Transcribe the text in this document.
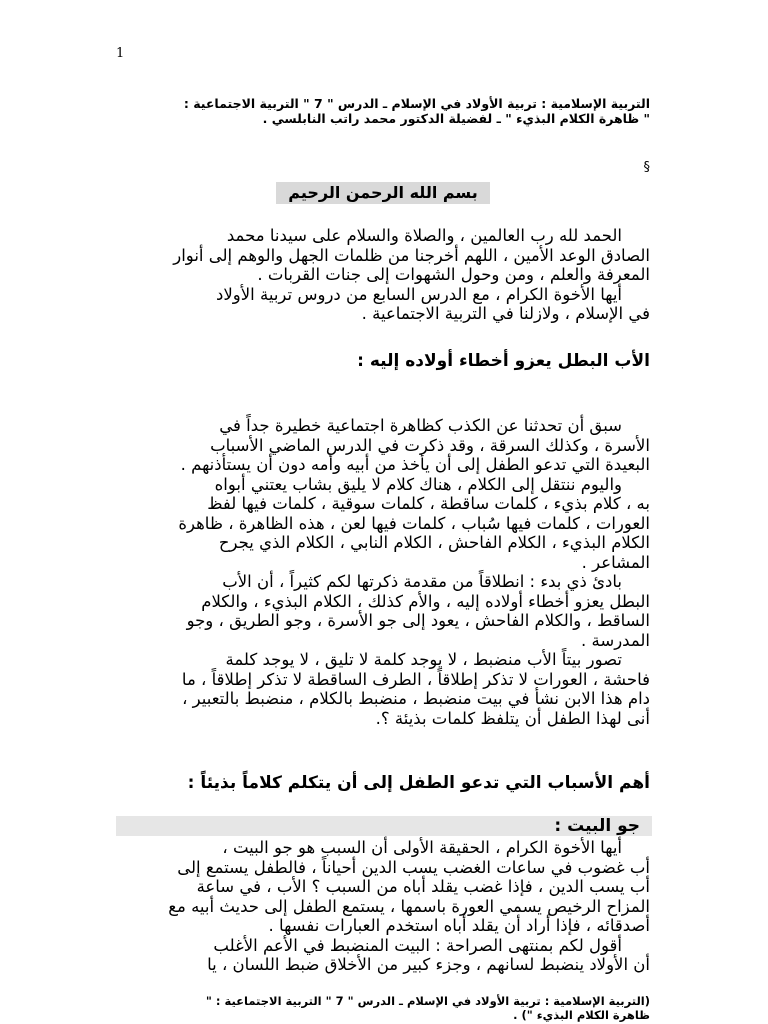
1
التربية الإسلامية : تربية الأولاد في الإسلام ـ الدرس " 7 " التربية الاجتماعية :
" ظاهرة الكلام البذيء " ـ لفضيلة الدكتور محمد راتب النابلسي .
§
بسم الله الرحمن الرحيم
الحمد لله رب العالمين ، والصلاة والسلام على سيدنا محمد
الصادق الوعد الأمين ، اللهم أخرجنا من ظلمات الجهل والوهم إلى أنوار
المعرفة والعلم ، ومن وحول الشهوات إلى جنات القربات .
أيها الأخوة الكرام ، مع الدرس السابع من دروس تربية الأولاد
في الإسلام ، ولازلنا في التربية الاجتماعية .
الأب البطل يعزو أخطاء أولاده إليه :
سبق أن تحدثنا عن الكذب كظاهرة اجتماعية خطيرة جداً في
الأسرة ، وكذلك السرقة ، وقد ذكرت في الدرس الماضي الأسباب
البعيدة التي تدعو الطفل إلى أن يأخذ من أبيه وأمه دون أن يستأذنهم .
واليوم ننتقل إلى الكلام ، هناك كلام لا يليق بشاب يعتني أبواه
به ، كلام بذيء ، كلمات ساقطة ، كلمات سوقية ، كلمات فيها لفظ
العورات ، كلمات فيها سُباب ، كلمات فيها لعن ، هذه الظاهرة ، ظاهرة
الكلام البذيء ، الكلام الفاحش ، الكلام النابي ، الكلام الذي يجرح
المشاعر .
بادئ ذي بدء : انطلاقاً من مقدمة ذكرتها لكم كثيراً ، أن الأب
البطل يعزو أخطاء أولاده إليه ، والأم كذلك ، الكلام البذيء ، والكلام
الساقط ، والكلام الفاحش ، يعود إلى جو الأسرة ، وجو الطريق ، وجو
المدرسة .
تصور بيتاً الأب منضبط ، لا يوجد كلمة لا تليق ، لا يوجد كلمة
فاحشة ، العورات لا تذكر إطلاقاً ، الطرف الساقطة لا تذكر إطلاقاً ، ما
دام هذا الابن نشأ في بيت منضبط ، منضبط بالكلام ، منضبط بالتعبير ،
أنى لهذا الطفل أن يتلفظ كلمات بذيئة ؟.
أهم الأسباب التي تدعو الطفل إلى أن يتكلم كلاماً بذيئاً :
جو البيت :
أيها الأخوة الكرام ، الحقيقة الأولى أن السبب هو جو البيت ،
أب غضوب في ساعات الغضب يسب الدين أحياناً ، فالطفل يستمع إلى
أب يسب الدين ، فإذا غضب يقلد أباه من السبب ؟ الأب ، في ساعة
المزاح الرخيص يسمي العورة باسمها ، يستمع الطفل إلى حديث أبيه مع
أصدقائه ، فإذا أراد أن يقلد أباه استخدم العبارات نفسها .
أقول لكم بمنتهى الصراحة : البيت المنضبط في الأعم الأغلب
أن الأولاد ينضبط لسانهم ، وجزء كبير من الأخلاق ضبط اللسان ، يا
(التربية الإسلامية : تربية الأولاد في الإسلام ـ الدرس " 7 " التربية الاجتماعية : "
ظاهرة الكلام البذيء ") .
